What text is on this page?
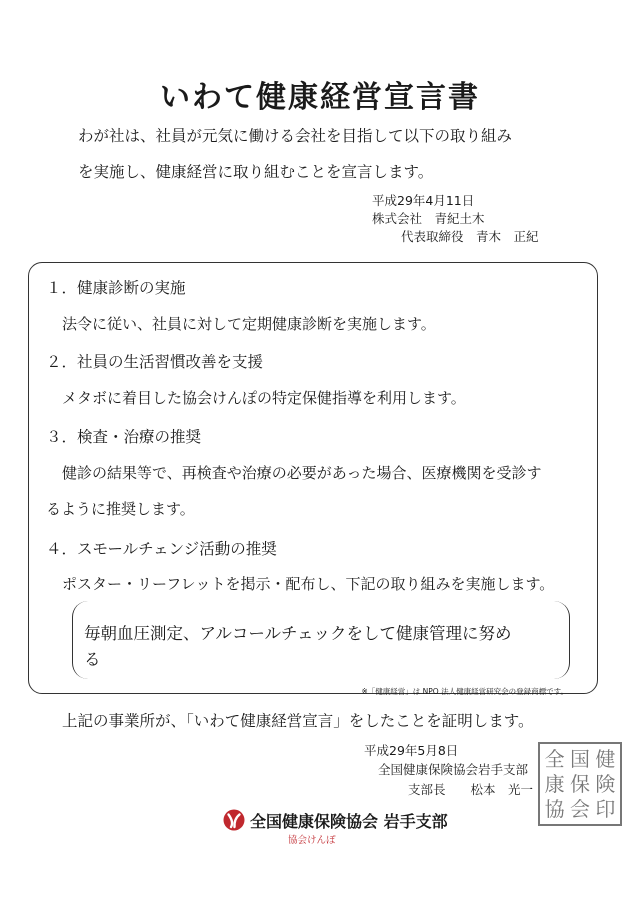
いわて健康経営宣言書
わが社は、社員が元気に働ける会社を目指して以下の取り組み
を実施し、健康経営に取り組むことを宣言します。
平成29年4月11日
株式会社　青紀土木
代表取締役　青木　正紀
１．健康診断の実施
法令に従い、社員に対して定期健康診断を実施します。
２．社員の生活習慣改善を支援
メタボに着目した協会けんぽの特定保健指導を利用します。
３．検査・治療の推奨
健診の結果等で、再検査や治療の必要があった場合、医療機関を受診す
るように推奨します。
４．スモールチェンジ活動の推奨
ポスター・リーフレットを掲示・配布し、下記の取り組みを実施します。
毎朝血圧測定、アルコールチェックをして健康管理に努め
る
※「健康経営」は NPO 法人健康経営研究会の登録商標です。
上記の事業所が、「いわて健康経営宣言」をしたことを証明します。
平成29年5月8日
全国健康保険協会岩手支部
支部長　　松本　光一
全 国 健
康 保 険
協 会 印
全国健康保険協会 岩手支部
協会けんぽ
